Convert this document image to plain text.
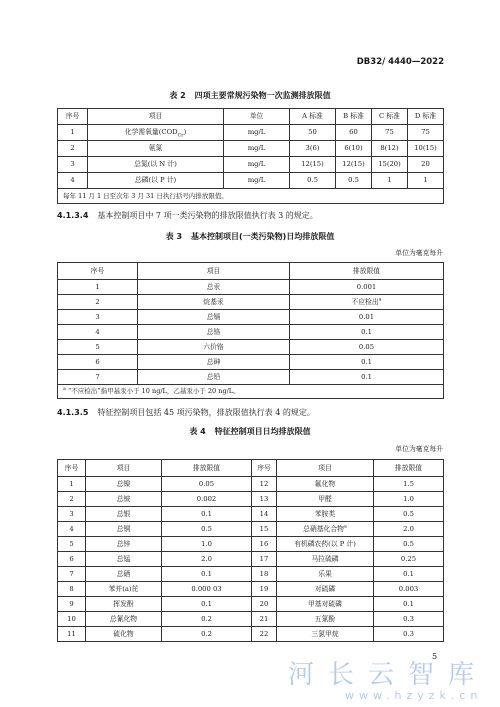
DB32/ 4440—2022
表 2 四项主要常规污染物一次监测排放限值
序号	项目	单位	A 标准	B 标准	C 标准	D 标准
1	化学需氧量$(COD_{Cr})$	mg/L	50	60	75	75
2	氨氮	mg/L	3(6)	6(10)	8(12)	10(15)
3	总氮(以 N 计)	mg/L	12(15)	12(15)	15(20)	20
4	总磷(以 P 计)	mg/L	0.5	0.5	1	1
每年 11 月 1 日至次年 3 月 31 日执行括号内排放限值。						
4.1.3.4 基本控制项目中 7 项一类污染物的排放限值执行表 3 的规定。
表 3 基本控制项目(一类污染物)日均排放限值
单位为毫克每升
序号	项目	排放限值
1	总汞	0.001
2	烷基汞	不应检出$^a$
3	总镉	0.01
4	总铬	0.1
5	六价铬	0.05
6	总砷	0.1
7	总铅	0.1
$^a$ “不应检出”指甲基汞小于 10 ng/L，乙基汞小于 20 ng/L。		
4.1.3.5 特征控制项目包括 45 项污染物，排放限值执行表 4 的规定。
表 4 特征控制项目日均排放限值
单位为毫克每升
序号	项目	排放限值	序号	项目	排放限值
1	总镍	0.05	12	氟化物	1.5
2	总铍	0.002	13	甲醛	1.0
3	总银	0.1	14	苯胺类	0.5
4	总铜	0.5	15	总硝基化合物$^a$	2.0
5	总锌	1.0	16	有机磷农药(以 P 计)	0.5
6	总锰	2.0	17	马拉硫磷	0.25
7	总硒	0.1	18	乐果	0.1
8	苯并(a)芘	0.000 03	19	对硫磷	0.003
9	挥发酚	0.1	20	甲基对硫磷	0.1
10	总氰化物	0.2	21	五氯酚	0.3
11	硫化物	0.2	22	三氯甲烷	0.3
5
河长云智库
www.hzyzk.cn
